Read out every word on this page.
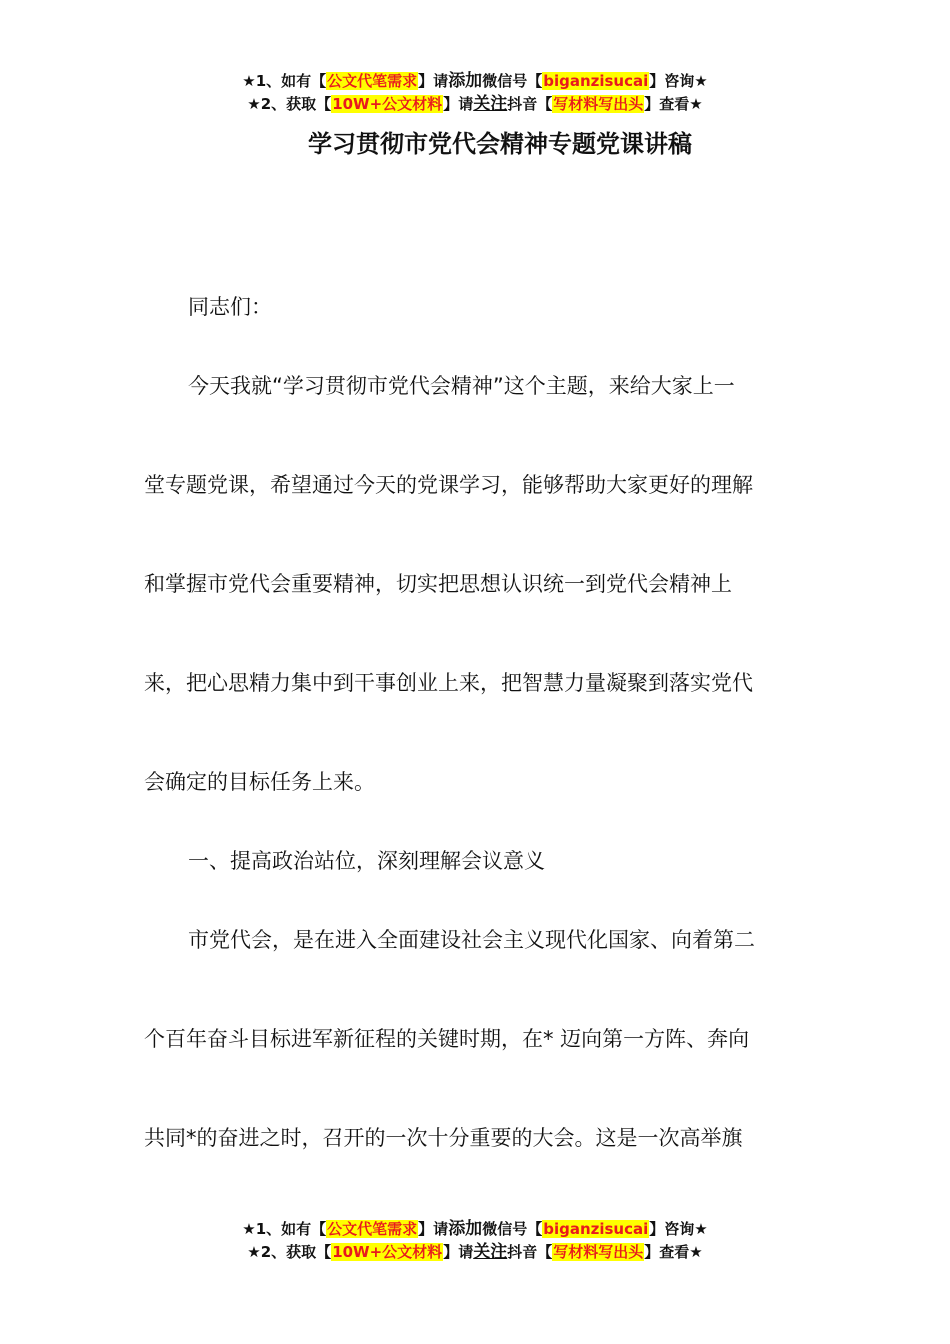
★1、如有【公文代笔需求】请添加微信号【biganzisucai】咨询★
★2、获取【10W+公文材料】请关注抖音【写材料写出头】查看★
学习贯彻市党代会精神专题党课讲稿
同志们：
今天我就“学习贯彻市党代会精神”这个主题，来给大家上一
堂专题党课，希望通过今天的党课学习，能够帮助大家更好的理解
和掌握市党代会重要精神，切实把思想认识统一到党代会精神上
来，把心思精力集中到干事创业上来，把智慧力量凝聚到落实党代
会确定的目标任务上来。
一、提高政治站位，深刻理解会议意义
市党代会，是在进入全面建设社会主义现代化国家、向着第二
个百年奋斗目标进军新征程的关键时期，在* 迈向第一方阵、奔向
共同*的奋进之时，召开的一次十分重要的大会。这是一次高举旗
★1、如有【公文代笔需求】请添加微信号【biganzisucai】咨询★
★2、获取【10W+公文材料】请关注抖音【写材料写出头】查看★
